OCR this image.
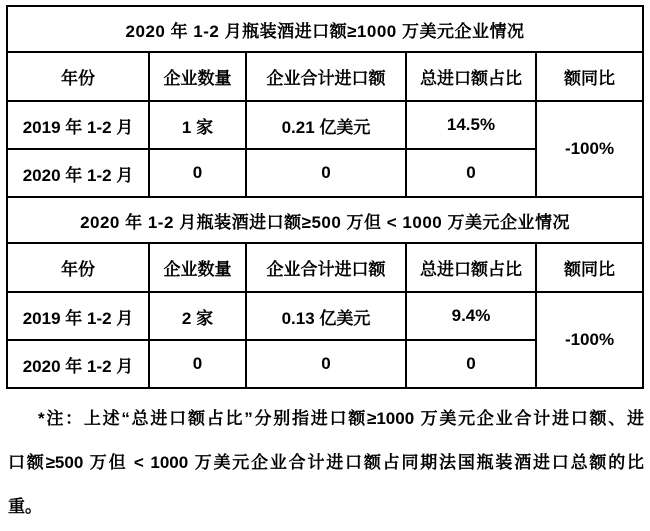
2020 年 1-2 月瓶装酒进口额≥1000 万美元企业情况				
年份	企业数量	企业合计进口额	总进口额占比	额同比
2019 年 1-2 月	1 家	0.21 亿美元	14.5%	-100%
2020 年 1-2 月	0	0	0	
2020 年 1-2 月瓶装酒进口额≥500 万但 < 1000 万美元企业情况				
年份	企业数量	企业合计进口额	总进口额占比	额同比
2019 年 1-2 月	2 家	0.13 亿美元	9.4%	-100%
2020 年 1-2 月	0	0	0	
*注：上述“总进口额占比”分别指进口额≥1000 万美元企业合计进口额、进
口额≥500 万但 < 1000 万美元企业合计进口额占同期法国瓶装酒进口总额的比
重。
